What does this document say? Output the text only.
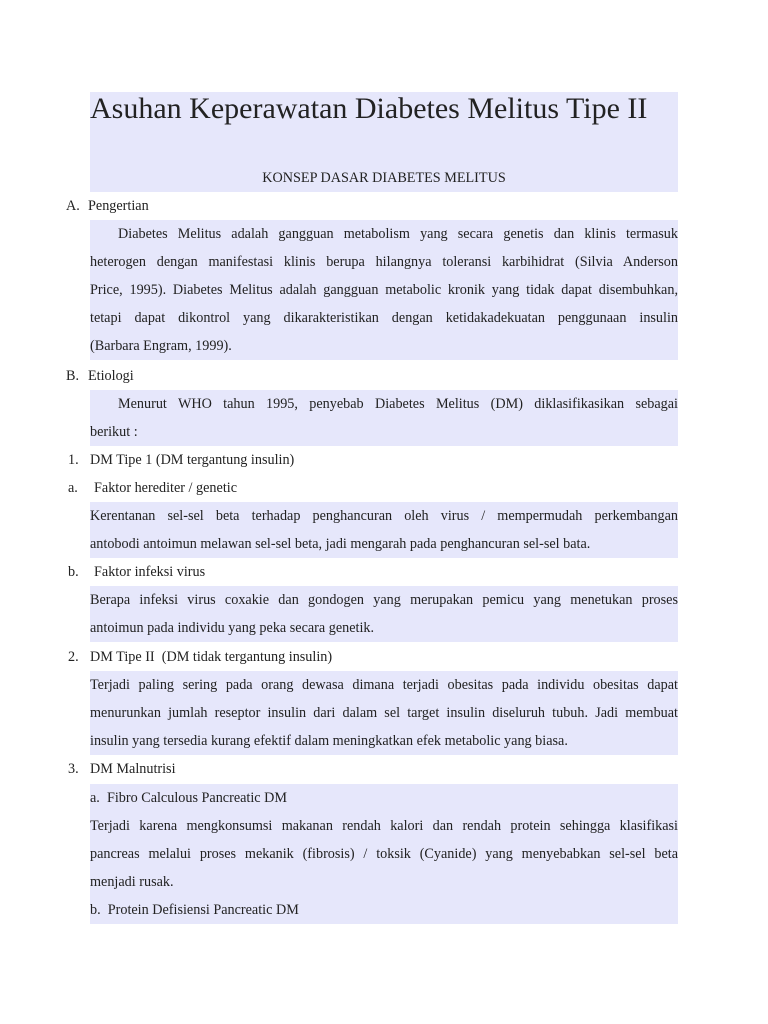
Asuhan Keperawatan Diabetes Melitus Tipe II
KONSEP DASAR DIABETES MELITUS
A. Pengertian
Diabetes Melitus adalah gangguan metabolism yang secara genetis dan klinis termasuk
heterogen dengan manifestasi klinis berupa hilangnya toleransi karbihidrat (Silvia Anderson
Price, 1995). Diabetes Melitus adalah gangguan metabolic kronik yang tidak dapat disembuhkan,
tetapi dapat dikontrol yang dikarakteristikan dengan ketidakadekuatan penggunaan insulin
(Barbara Engram, 1999).
B. Etiologi
Menurut WHO tahun 1995, penyebab Diabetes Melitus (DM) diklasifikasikan sebagai
berikut :
1. DM Tipe 1 (DM tergantung insulin)
a. Faktor herediter / genetic
Kerentanan sel-sel beta terhadap penghancuran oleh virus / mempermudah perkembangan
antobodi antoimun melawan sel-sel beta, jadi mengarah pada penghancuran sel-sel bata.
b. Faktor infeksi virus
Berapa infeksi virus coxakie dan gondogen yang merupakan pemicu yang menetukan proses
antoimun pada individu yang peka secara genetik.
2. DM Tipe II  (DM tidak tergantung insulin)
Terjadi paling sering pada orang dewasa dimana terjadi obesitas pada individu obesitas dapat
menurunkan jumlah reseptor insulin dari dalam sel target insulin diseluruh tubuh. Jadi membuat
insulin yang tersedia kurang efektif dalam meningkatkan efek metabolic yang biasa.
3. DM Malnutrisi
a.  Fibro Calculous Pancreatic DM
Terjadi karena mengkonsumsi makanan rendah kalori dan rendah protein sehingga klasifikasi
pancreas melalui proses mekanik (fibrosis) / toksik (Cyanide) yang menyebabkan sel-sel beta
menjadi rusak.
b.  Protein Defisiensi Pancreatic DM
